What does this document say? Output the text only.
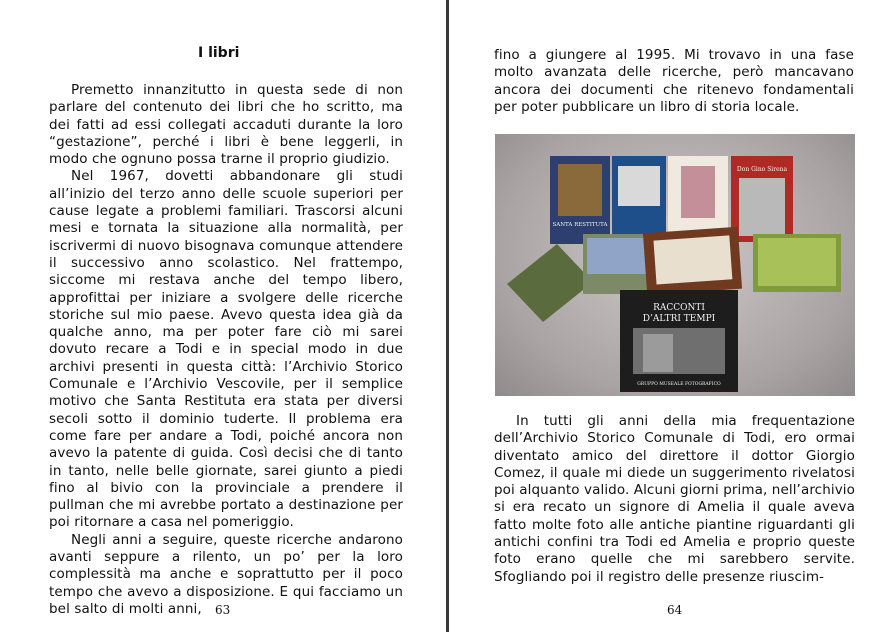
I libri

Premetto innanzitutto in questa sede di non parlare del contenuto dei libri che ho scritto, ma dei fatti ad essi collegati accaduti durante la loro “gestazione”, perché i libri è bene leggerli, in modo che ognuno possa trarne il proprio giudizio.

Nel 1967, dovetti abbandonare gli studi all’inizio del terzo anno delle scuole superiori per cause legate a problemi familiari. Trascorsi alcuni mesi e tornata la situazione alla normalità, per iscrivermi di nuovo bisognava comunque attendere il successivo anno scolastico. Nel frattempo, siccome mi restava anche del tempo libero, approfittai per iniziare a svolgere delle ricerche storiche sul mio paese. Avevo questa idea già da qualche anno, ma per poter fare ciò mi sarei dovuto recare a Todi e in special modo in due archivi presenti in questa città: l’Archivio Storico Comunale e l’Archivio Vescovile, per il semplice motivo che Santa Restituta era stata per diversi secoli sotto il dominio tuderte. Il problema era come fare per andare a Todi, poiché ancora non avevo la patente di guida. Così decisi che di tanto in tanto, nelle belle giornate, sarei giunto a piedi fino al bivio con la provinciale a prendere il pullman che mi avrebbe portato a destinazione per poi ritornare a casa nel pomeriggio.

Negli anni a seguire, queste ricerche andarono avanti seppure a rilento, un po’ per la loro complessità ma anche e soprattutto per il poco tempo che avevo a disposizione. E qui facciamo un bel salto di molti anni,	63

fino a giungere al 1995. Mi trovavo in una fase molto avanzata delle ricerche, però mancavano ancora dei documenti che ritenevo fondamentali per poter pubblicare un libro di storia locale.

SANTA RESTITUTA
Don Gino Sirena
RACCONTI
D’ALTRI TEMPI
GRUPPO MUSEALE FOTOGRAFICO

In tutti gli anni della mia frequentazione dell’Archivio Storico Comunale di Todi, ero ormai diventato amico del direttore il dottor Giorgio Comez, il quale mi diede un suggerimento rivelatosi poi alquanto valido. Alcuni giorni prima, nell’archivio si era recato un signore di Amelia il quale aveva fatto molte foto alle antiche piantine riguardanti gli antichi confini tra Todi ed Amelia e proprio queste foto erano quelle che mi sarebbero servite. Sfogliando poi il registro delle presenze riuscim-

64
